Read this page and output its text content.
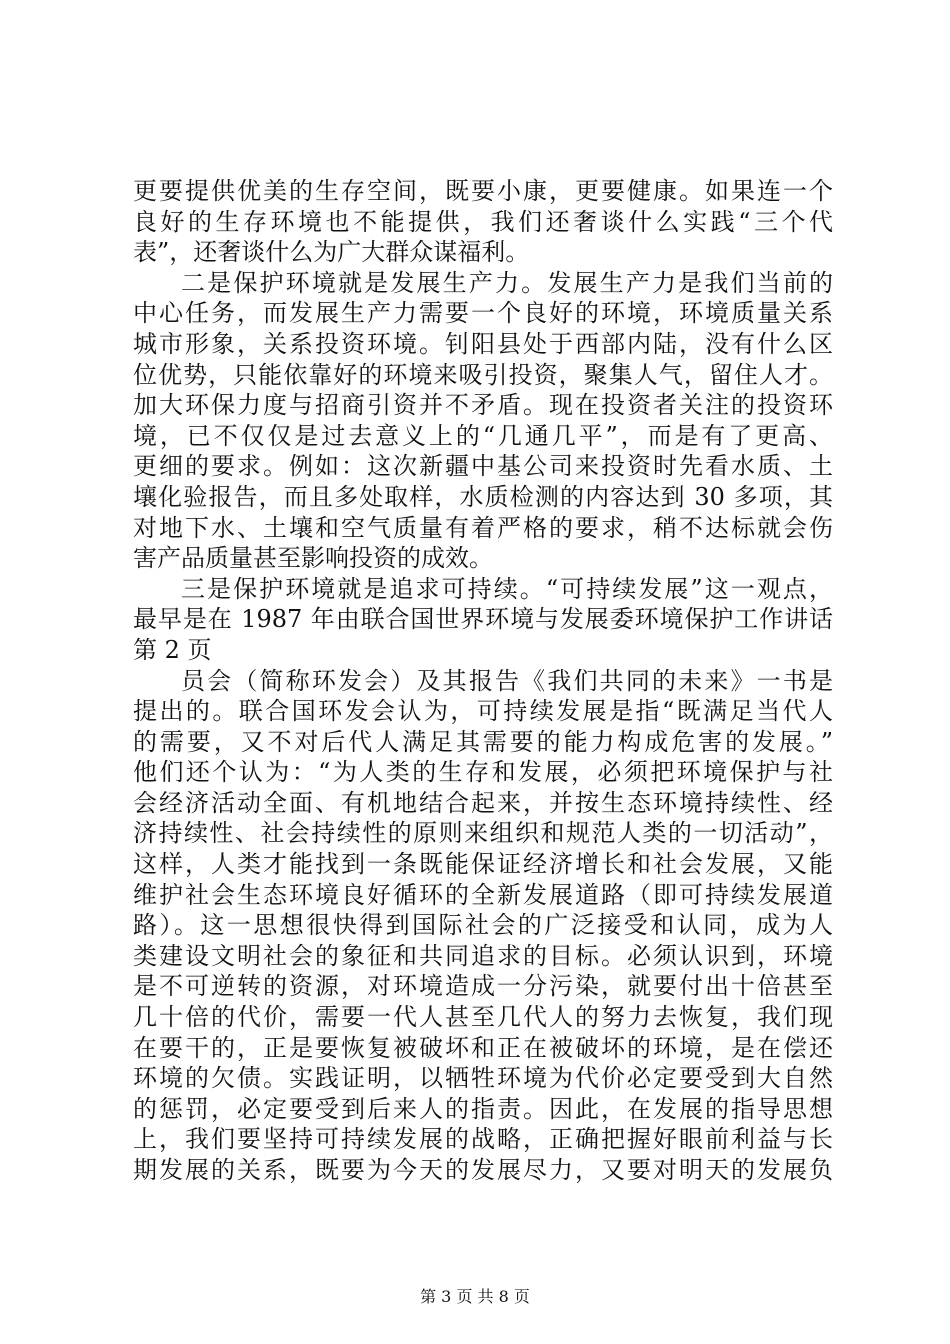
更要提供优美的生存空间，既要小康，更要健康。如果连一个
良好的生存环境也不能提供，我们还奢谈什么实践“三个代
表”，还奢谈什么为广大群众谋福利。
二是保护环境就是发展生产力。发展生产力是我们当前的
中心任务，而发展生产力需要一个良好的环境，环境质量关系
城市形象，关系投资环境。钊阳县处于西部内陆，没有什么区
位优势，只能依靠好的环境来吸引投资，聚集人气，留住人才。
加大环保力度与招商引资并不矛盾。现在投资者关注的投资环
境，已不仅仅是过去意义上的“几通几平”，而是有了更高、
更细的要求。例如：这次新疆中基公司来投资时先看水质、土
壤化验报告，而且多处取样，水质检测的内容达到 30 多项，其
对地下水、土壤和空气质量有着严格的要求，稍不达标就会伤
害产品质量甚至影响投资的成效。
三是保护环境就是追求可持续。“可持续发展”这一观点，
最早是在 1987 年由联合国世界环境与发展委环境保护工作讲话
第 2 页
员会（简称环发会）及其报告《我们共同的未来》一书是
提出的。联合国环发会认为，可持续发展是指“既满足当代人
的需要，又不对后代人满足其需要的能力构成危害的发展。”
他们还个认为：“为人类的生存和发展，必须把环境保护与社
会经济活动全面、有机地结合起来，并按生态环境持续性、经
济持续性、社会持续性的原则来组织和规范人类的一切活动”，
这样，人类才能找到一条既能保证经济增长和社会发展，又能
维护社会生态环境良好循环的全新发展道路（即可持续发展道
路）。这一思想很快得到国际社会的广泛接受和认同，成为人
类建设文明社会的象征和共同追求的目标。必须认识到，环境
是不可逆转的资源，对环境造成一分污染，就要付出十倍甚至
几十倍的代价，需要一代人甚至几代人的努力去恢复，我们现
在要干的，正是要恢复被破坏和正在被破坏的环境，是在偿还
环境的欠债。实践证明，以牺牲环境为代价必定要受到大自然
的惩罚，必定要受到后来人的指责。因此，在发展的指导思想
上，我们要坚持可持续发展的战略，正确把握好眼前利益与长
期发展的关系，既要为今天的发展尽力，又要对明天的发展负
第 3 页 共 8 页
